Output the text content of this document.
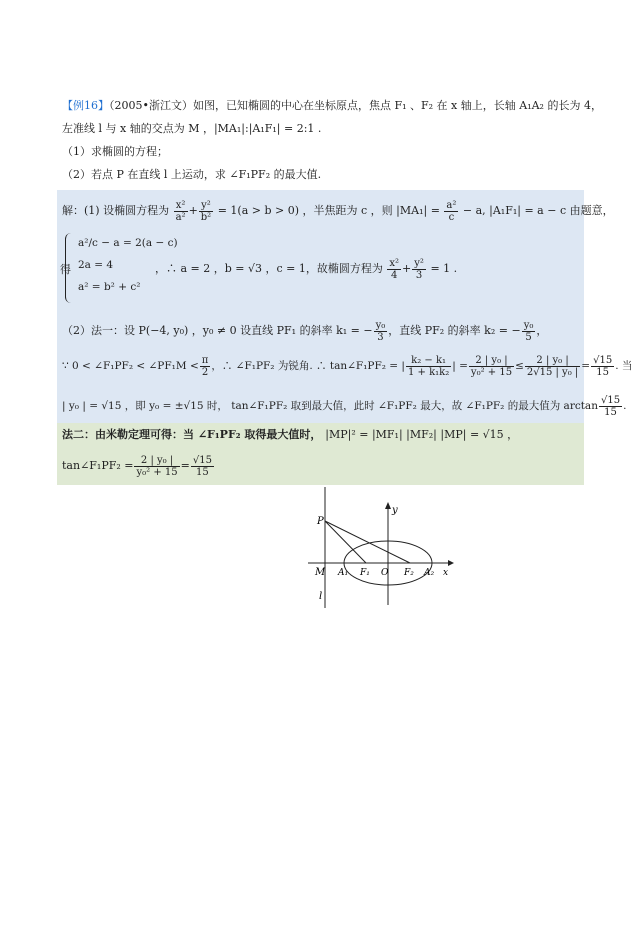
【例16】（2005•浙江文）如图，已知椭圆的中心在坐标原点，焦点 F₁ 、F₂ 在 x 轴上，长轴 A₁A₂ 的长为 4，
左准线 l 与 x 轴的交点为 M ，|MA₁|:|A₁F₁| = 2:1 .
（1）求椭圆的方程；
（2）若点 P 在直线 l 上运动，求 ∠F₁PF₂ 的最大值.
解：(1) 设椭圆方程为 $\frac{\text{x²}}{\text{a²}} + \frac{\text{y²}}{\text{b²}} = 1(a > b > 0)$ ，半焦距为 c ，则 $|MA_1| = \frac{\text{a²}}{c} - a$, |A₁F₁| = a − c 由题意，
a²/c − a = 2(a − c)
2a = 4
a² = b² + c²
得	，∴ a = 2 ，b = √3 ，c = 1，故椭圆方程为 $\frac{\text{x²}}{4} + \frac{\text{y²}}{3} = 1$ .
（2）法一：设 P(−4, y₀) ，y₀ ≠ 0 设直线 PF₁ 的斜率 k₁ = − $\frac{\text{y₀}}{3}$ ，直线 PF₂ 的斜率 k₂ = − $\frac{\text{y₀}}{5}$ ，
∵ 0 < ∠F₁PF₂ < ∠PF₁M < $\frac{\pi}{2}$ ，∴ ∠F₁PF₂ 为锐角. ∴ tan∠F₁PF₂ = | $\frac{\text{k₂ − k₁}}{\text{1 + k₁k₂}}$ | = $\frac{\text{2 | y₀ |}}{\text{y₀² + 15}} \le \frac{\text{2 | y₀ |}}{\text{2√15 | y₀ |}} = \frac{√15}{15}$ . 当
| y₀ | = √15 ，即 y₀ = ±√15 时， tan∠F₁PF₂ 取到最大值，此时 ∠F₁PF₂ 最大，故 ∠F₁PF₂ 的最大值为 $\arctan \frac{√15}{15}$ .
法二：由米勒定理可得：当 ∠F₁PF₂ 取得最大值时， |MP|² = |MF₁| |MF₂| |MP| = √15 ，
tan∠F₁PF₂ = $\frac{\text{2 | y₀ |}}{\text{y₀² + 15}} = \frac{√15}{15}$
P
y
M A₁ F₁ O F₂ A₂ x
l
